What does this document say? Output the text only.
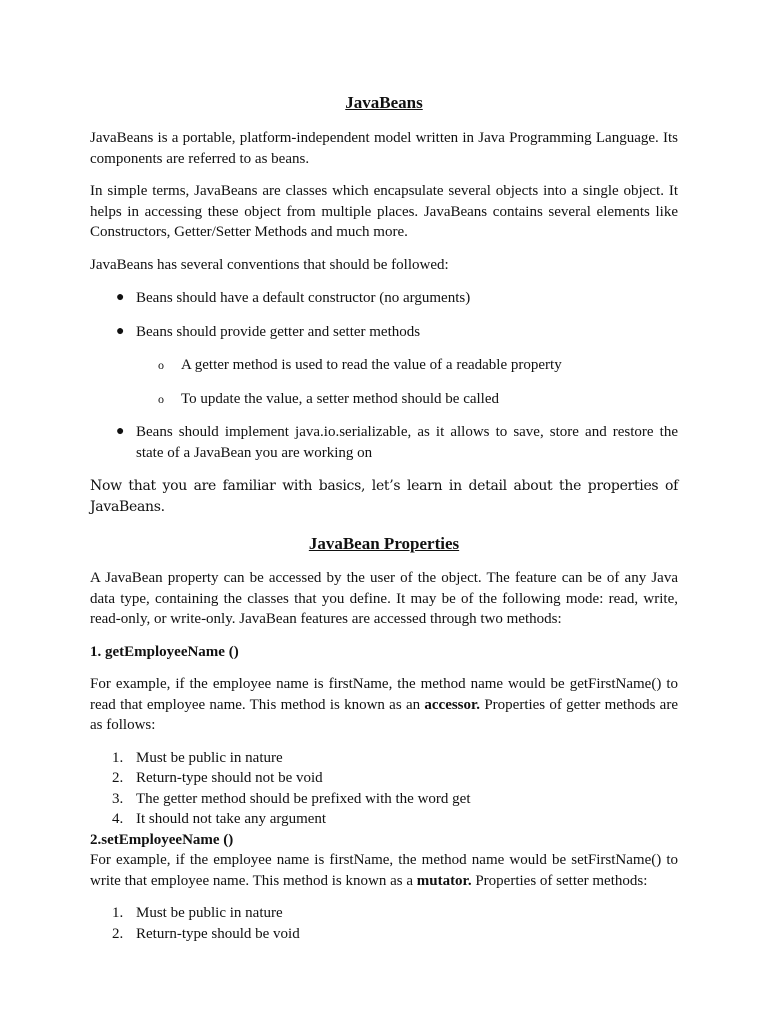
JavaBeans

JavaBeans is a portable, platform-independent model written in Java Programming Language. Its components are referred to as beans.

In simple terms, JavaBeans are classes which encapsulate several objects into a single object. It helps in accessing these object from multiple places. JavaBeans contains several elements like Constructors, Getter/Setter Methods and much more.

JavaBeans has several conventions that should be followed:

● Beans should have a default constructor (no arguments)
● Beans should provide getter and setter methods
o A getter method is used to read the value of a readable property
o To update the value, a setter method should be called
● Beans should implement java.io.serializable, as it allows to save, store and restore the state of a JavaBean you are working on

Now that you are familiar with basics, let’s learn in detail about the properties of JavaBeans.

JavaBean Properties

A JavaBean property can be accessed by the user of the object. The feature can be of any Java data type, containing the classes that you define. It may be of the following mode: read, write, read-only, or write-only. JavaBean features are accessed through two methods:

1. getEmployeeName ()

For example, if the employee name is firstName, the method name would be getFirstName() to read that employee name. This method is known as an accessor. Properties of getter methods are as follows:

1. Must be public in nature
2. Return-type should not be void
3. The getter method should be prefixed with the word get
4. It should not take any argument

2.setEmployeeName ()

For example, if the employee name is firstName, the method name would be setFirstName() to write that employee name. This method is known as a mutator. Properties of setter methods:

1. Must be public in nature
2. Return-type should be void
